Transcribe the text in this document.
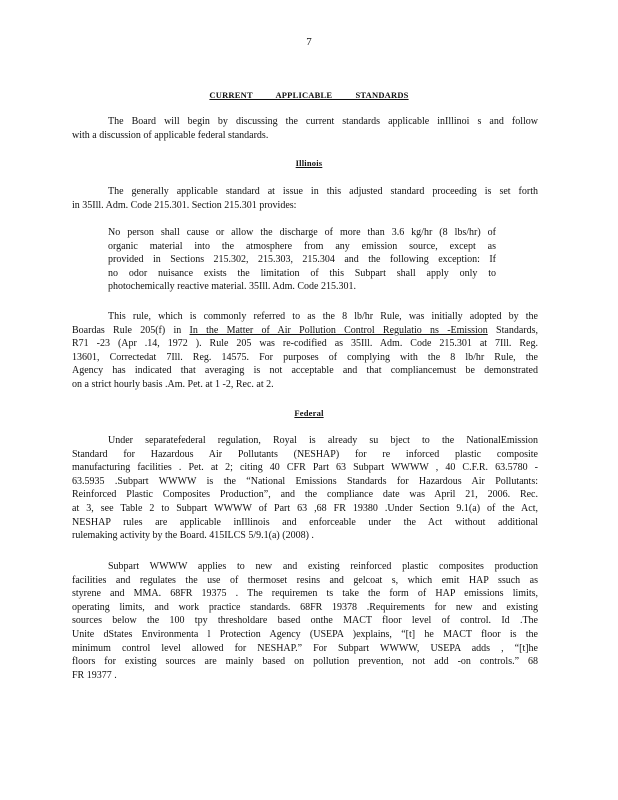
7
CURRENT          APPLICABLE          STANDARDS
The Board will begin by discussing the current standards applicable inIllinoi s and follow
with a discussion of applicable federal standards.
Illinois
The generally applicable standard at issue in this adjusted standard proceeding is set forth
in 35Ill. Adm. Code 215.301. Section 215.301 provides:
No person shall cause or allow the discharge of more than 3.6 kg/hr (8 lbs/hr) of
organic material into the atmosphere from any emission source, except as
provided in Sections 215.302, 215.303, 215.304 and the following exception: If
no odor nuisance exists the limitation of this Subpart shall apply only to
photochemically reactive material. 35Ill. Adm. Code 215.301.
This rule, which is commonly referred to as the 8 lb/hr Rule, was initially adopted by the
Boardas Rule 205(f) in In the Matter of Air Pollution Control Regulatio ns -Emission Standards,
R71 -23 (Apr .14, 1972 ). Rule 205 was re-codified as 35Ill. Adm. Code 215.301 at 7Ill. Reg.
13601, Correctedat 7Ill. Reg. 14575. For purposes of complying with the 8 lb/hr Rule, the
Agency has indicated that averaging is not acceptable and that compliancemust be demonstrated
on a strict hourly basis .Am. Pet. at 1 -2, Rec. at 2.
Federal
Under separatefederal regulation, Royal is already su bject to the NationalEmission
Standard for Hazardous Air Pollutants (NESHAP) for re inforced plastic composite
manufacturing facilities . Pet. at 2; citing 40 CFR Part 63 Subpart WWWW , 40 C.F.R. 63.5780 -
63.5935 .Subpart WWWW is the “National Emissions Standards for Hazardous Air Pollutants:
Reinforced Plastic Composites Production”, and the compliance date was April 21, 2006. Rec.
at 3, see Table 2 to Subpart WWWW of Part 63 ,68 FR 19380 .Under Section 9.1(a) of the Act,
NESHAP rules are applicable inIllinois and enforceable under the Act without additional
rulemaking activity by the Board. 415ILCS 5/9.1(a) (2008) .
Subpart WWWW applies to new and existing reinforced plastic composites production
facilities and regulates the use of thermoset resins and gelcoat s, which emit HAP ssuch as
styrene and MMA. 68FR 19375 . The requiremen ts take the form of HAP emissions limits,
operating limits, and work practice standards. 68FR 19378 .Requirements for new and existing
sources below the 100 tpy thresholdare based onthe MACT floor level of control. Id .The
Unite dStates Environmenta l Protection Agency (USEPA )explains, “[t] he MACT floor is the
minimum control level allowed for NESHAP.” For Subpart WWWW, USEPA adds , “[t]he
floors for existing sources are mainly based on pollution prevention, not add -on controls.” 68
FR 19377 .
